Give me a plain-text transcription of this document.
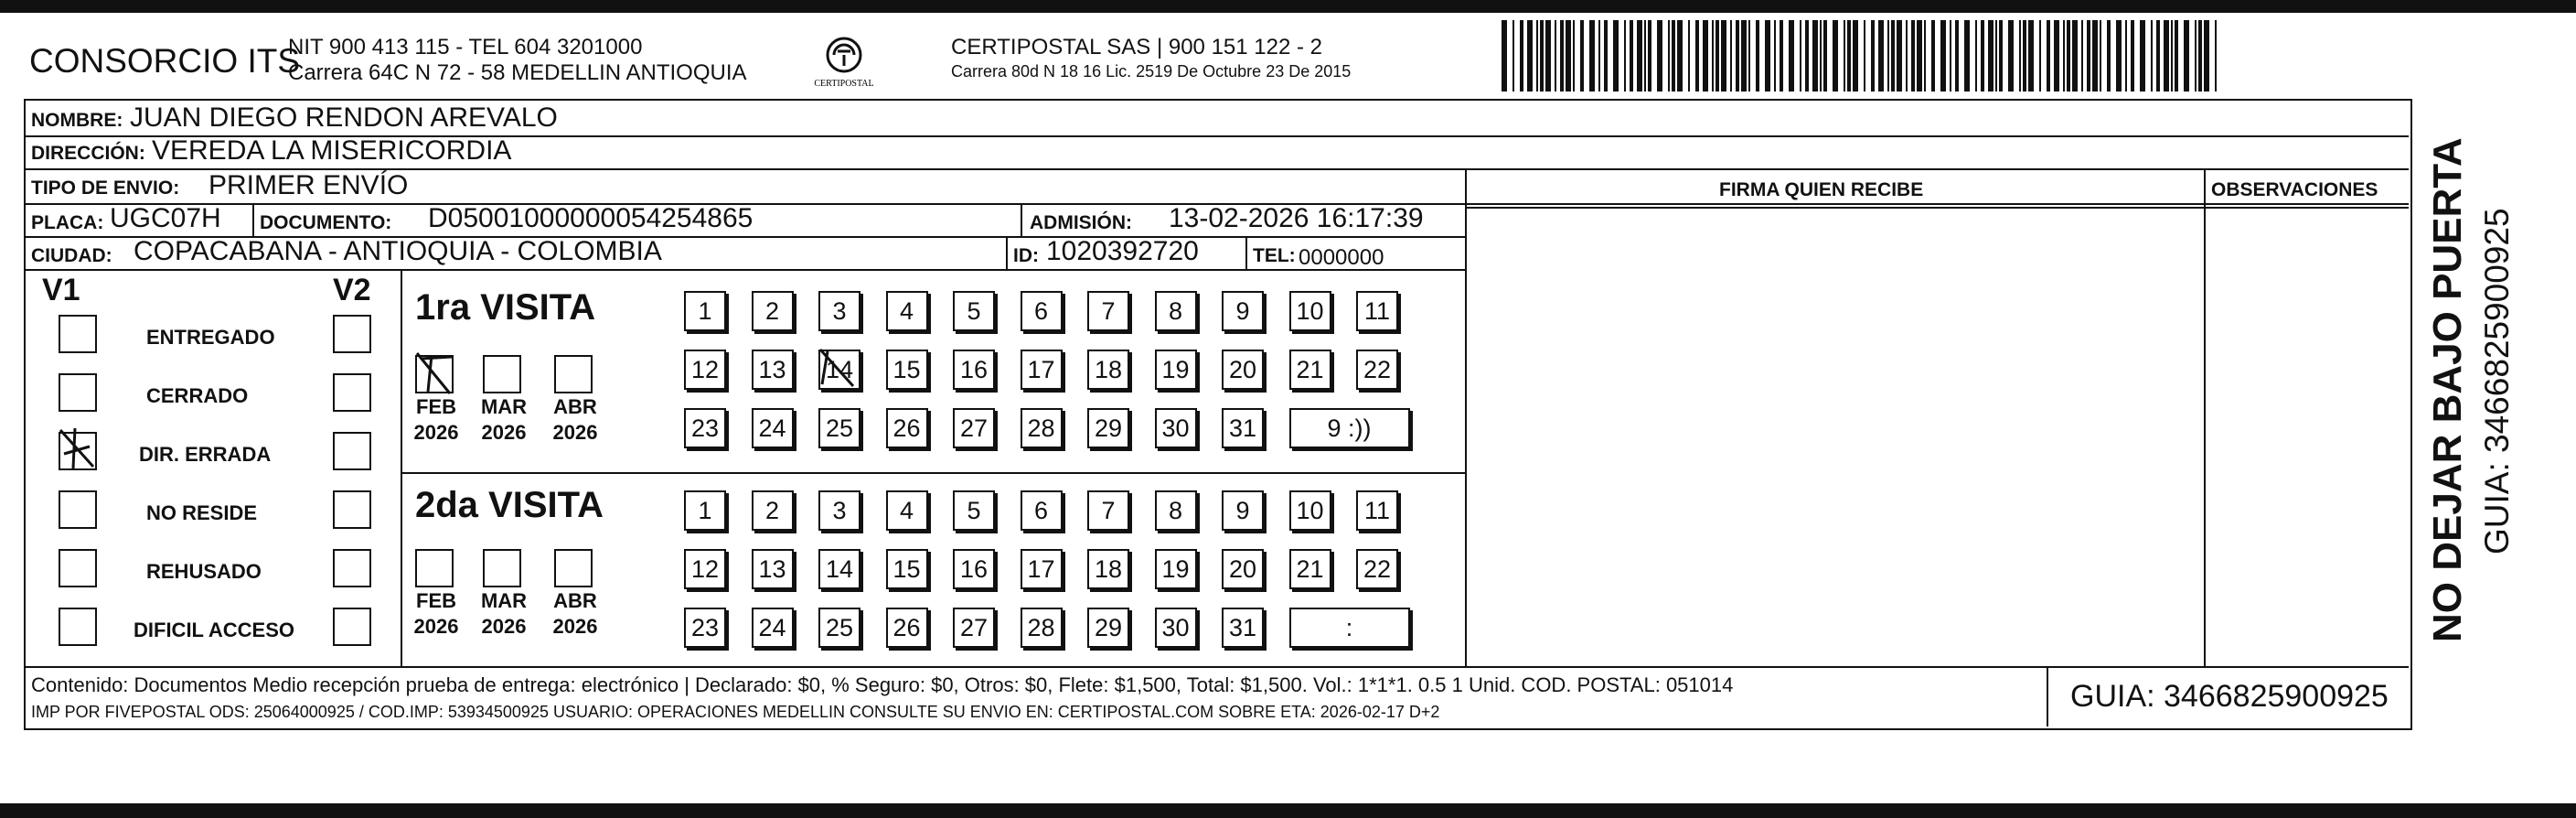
CONSORCIO ITS
NIT 900 413 115 - TEL 604 3201000
Carrera 64C N 72 - 58 MEDELLIN ANTIOQUIA	CERTIPOSTAL
CERTIPOSTAL SAS | 900 151 122 - 2
Carrera 80d N 18 16 Lic. 2519 De Octubre 23 De 2015
NOMBRE: JUAN DIEGO RENDON AREVALO
DIRECCIÓN: VEREDA LA MISERICORDIA
TIPO DE ENVIO: PRIMER ENVÍO	FIRMA QUIEN RECIBE	OBSERVACIONES
PLACA: UGC07H DOCUMENTO: D05001000000054254865	ADMISIÓN: 13-02-2026 16:17:39
CIUDAD: COPACABANA - ANTIOQUIA - COLOMBIA	ID: 1020392720	TEL: 0000000
V1	V2
ENTREGADO
CERRADO
DIR. ERRADA
NO RESIDE
REHUSADO
DIFICIL ACCESO
1ra VISITA
FEB
2026
MAR
2026
ABR
2026
1	2	3	4	5	6	7	8	9	10	11
12 13 14 15 16 17 18 19 20 21 22
23 24 25 26 27 28 29 30 31	9 :))
2da VISITA
FEB
2026
MAR
2026
ABR
2026
1	2	3	4	5	6	7	8	9	10	11
12 13 14 15 16 17 18 19 20 21 22
23 24 25 26 27 28 29 30 31	:
Contenido: Documentos Medio recepción prueba de entrega: electrónico | Declarado: $0, % Seguro: $0, Otros: $0, Flete: $1,500, Total: $1,500. Vol.: 1*1*1. 0.5 1 Unid. COD. POSTAL: 051014
IMP POR FIVEPOSTAL ODS: 25064000925 / COD.IMP: 53934500925 USUARIO: OPERACIONES MEDELLIN CONSULTE SU ENVIO EN: CERTIPOSTAL.COM SOBRE ETA: 2026-02-17 D+2	GUIA: 3466825900925
NO DEJAR BAJO PUERTA GUIA: 3466825900925
